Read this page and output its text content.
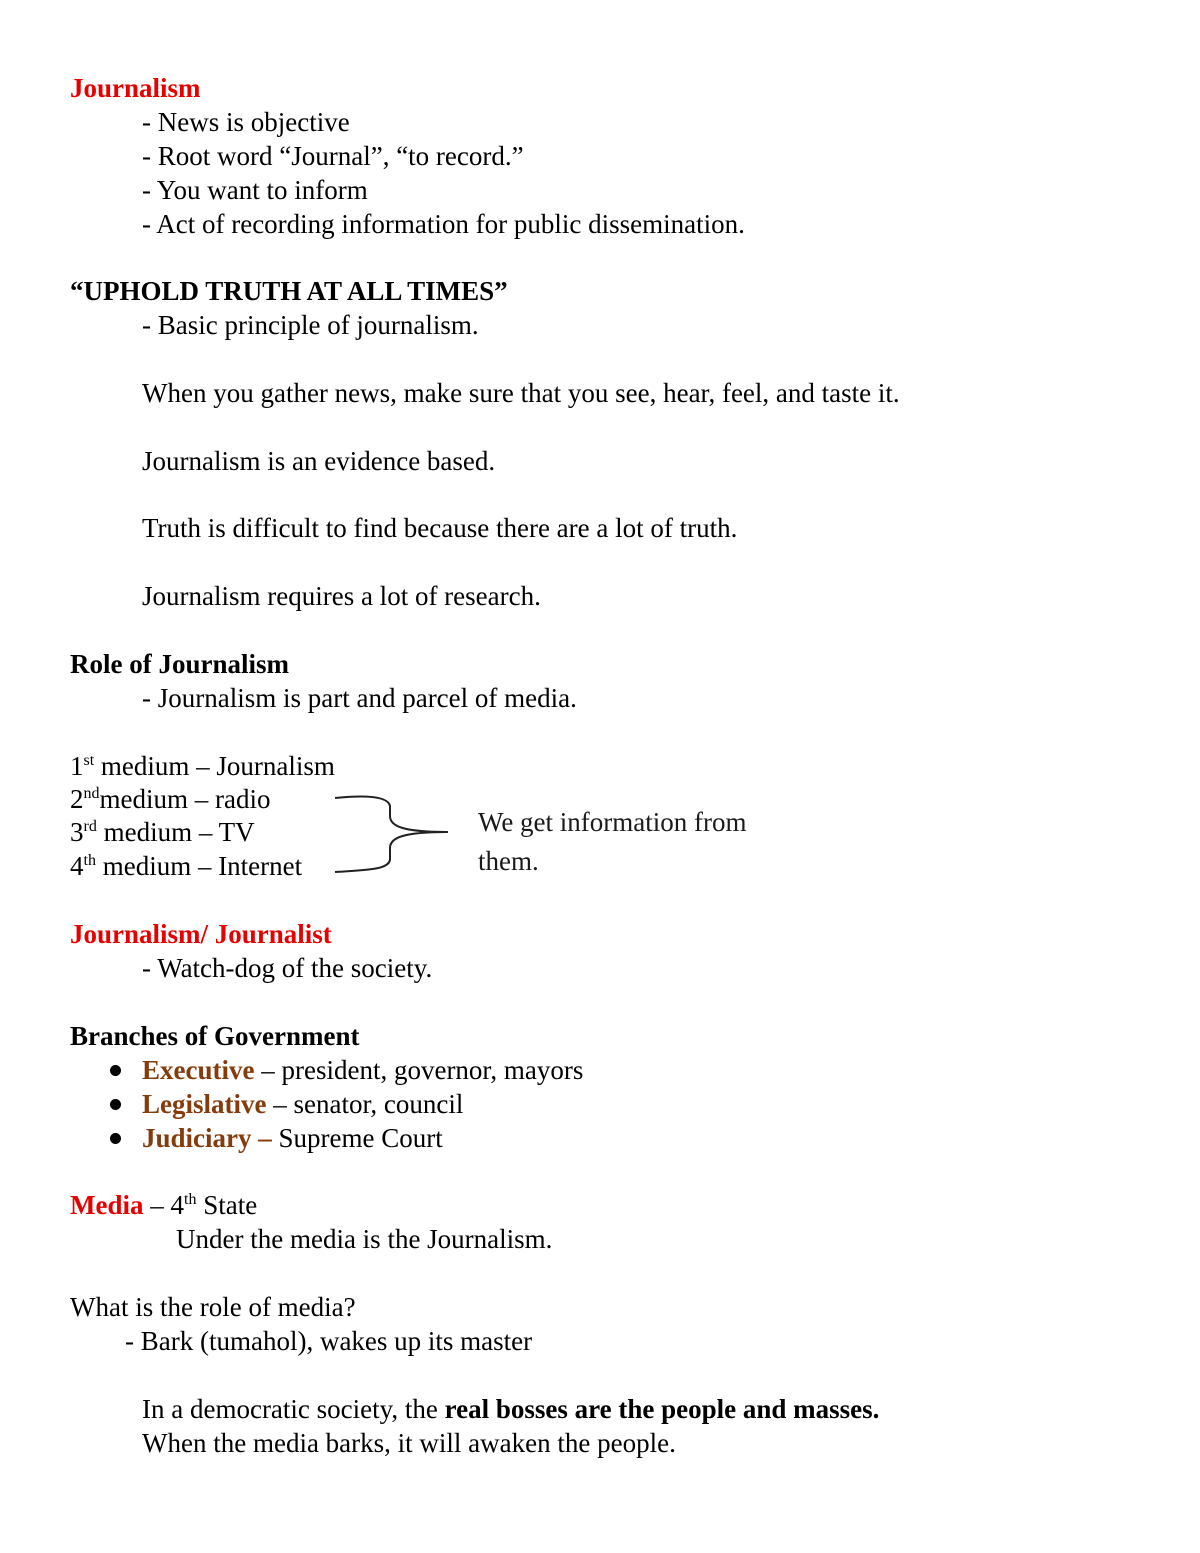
Journalism
- News is objective
- Root word “Journal”, “to record.”
- You want to inform
- Act of recording information for public dissemination.
“UPHOLD TRUTH AT ALL TIMES”
- Basic principle of journalism.
When you gather news, make sure that you see, hear, feel, and taste it.
Journalism is an evidence based.
Truth is difficult to find because there are a lot of truth.
Journalism requires a lot of research.
Role of Journalism
- Journalism is part and parcel of media.
1st medium – Journalism
2ndmedium – radio
3rd medium – TV
4th medium – Internet
We get information from
them.
Journalism/ Journalist
- Watch-dog of the society.
Branches of Government
Executive – president, governor, mayors
Legislative – senator, council
Judiciary – Supreme Court
Media – 4th State
Under the media is the Journalism.
What is the role of media?
- Bark (tumahol), wakes up its master
In a democratic society, the real bosses are the people and masses.
When the media barks, it will awaken the people.
